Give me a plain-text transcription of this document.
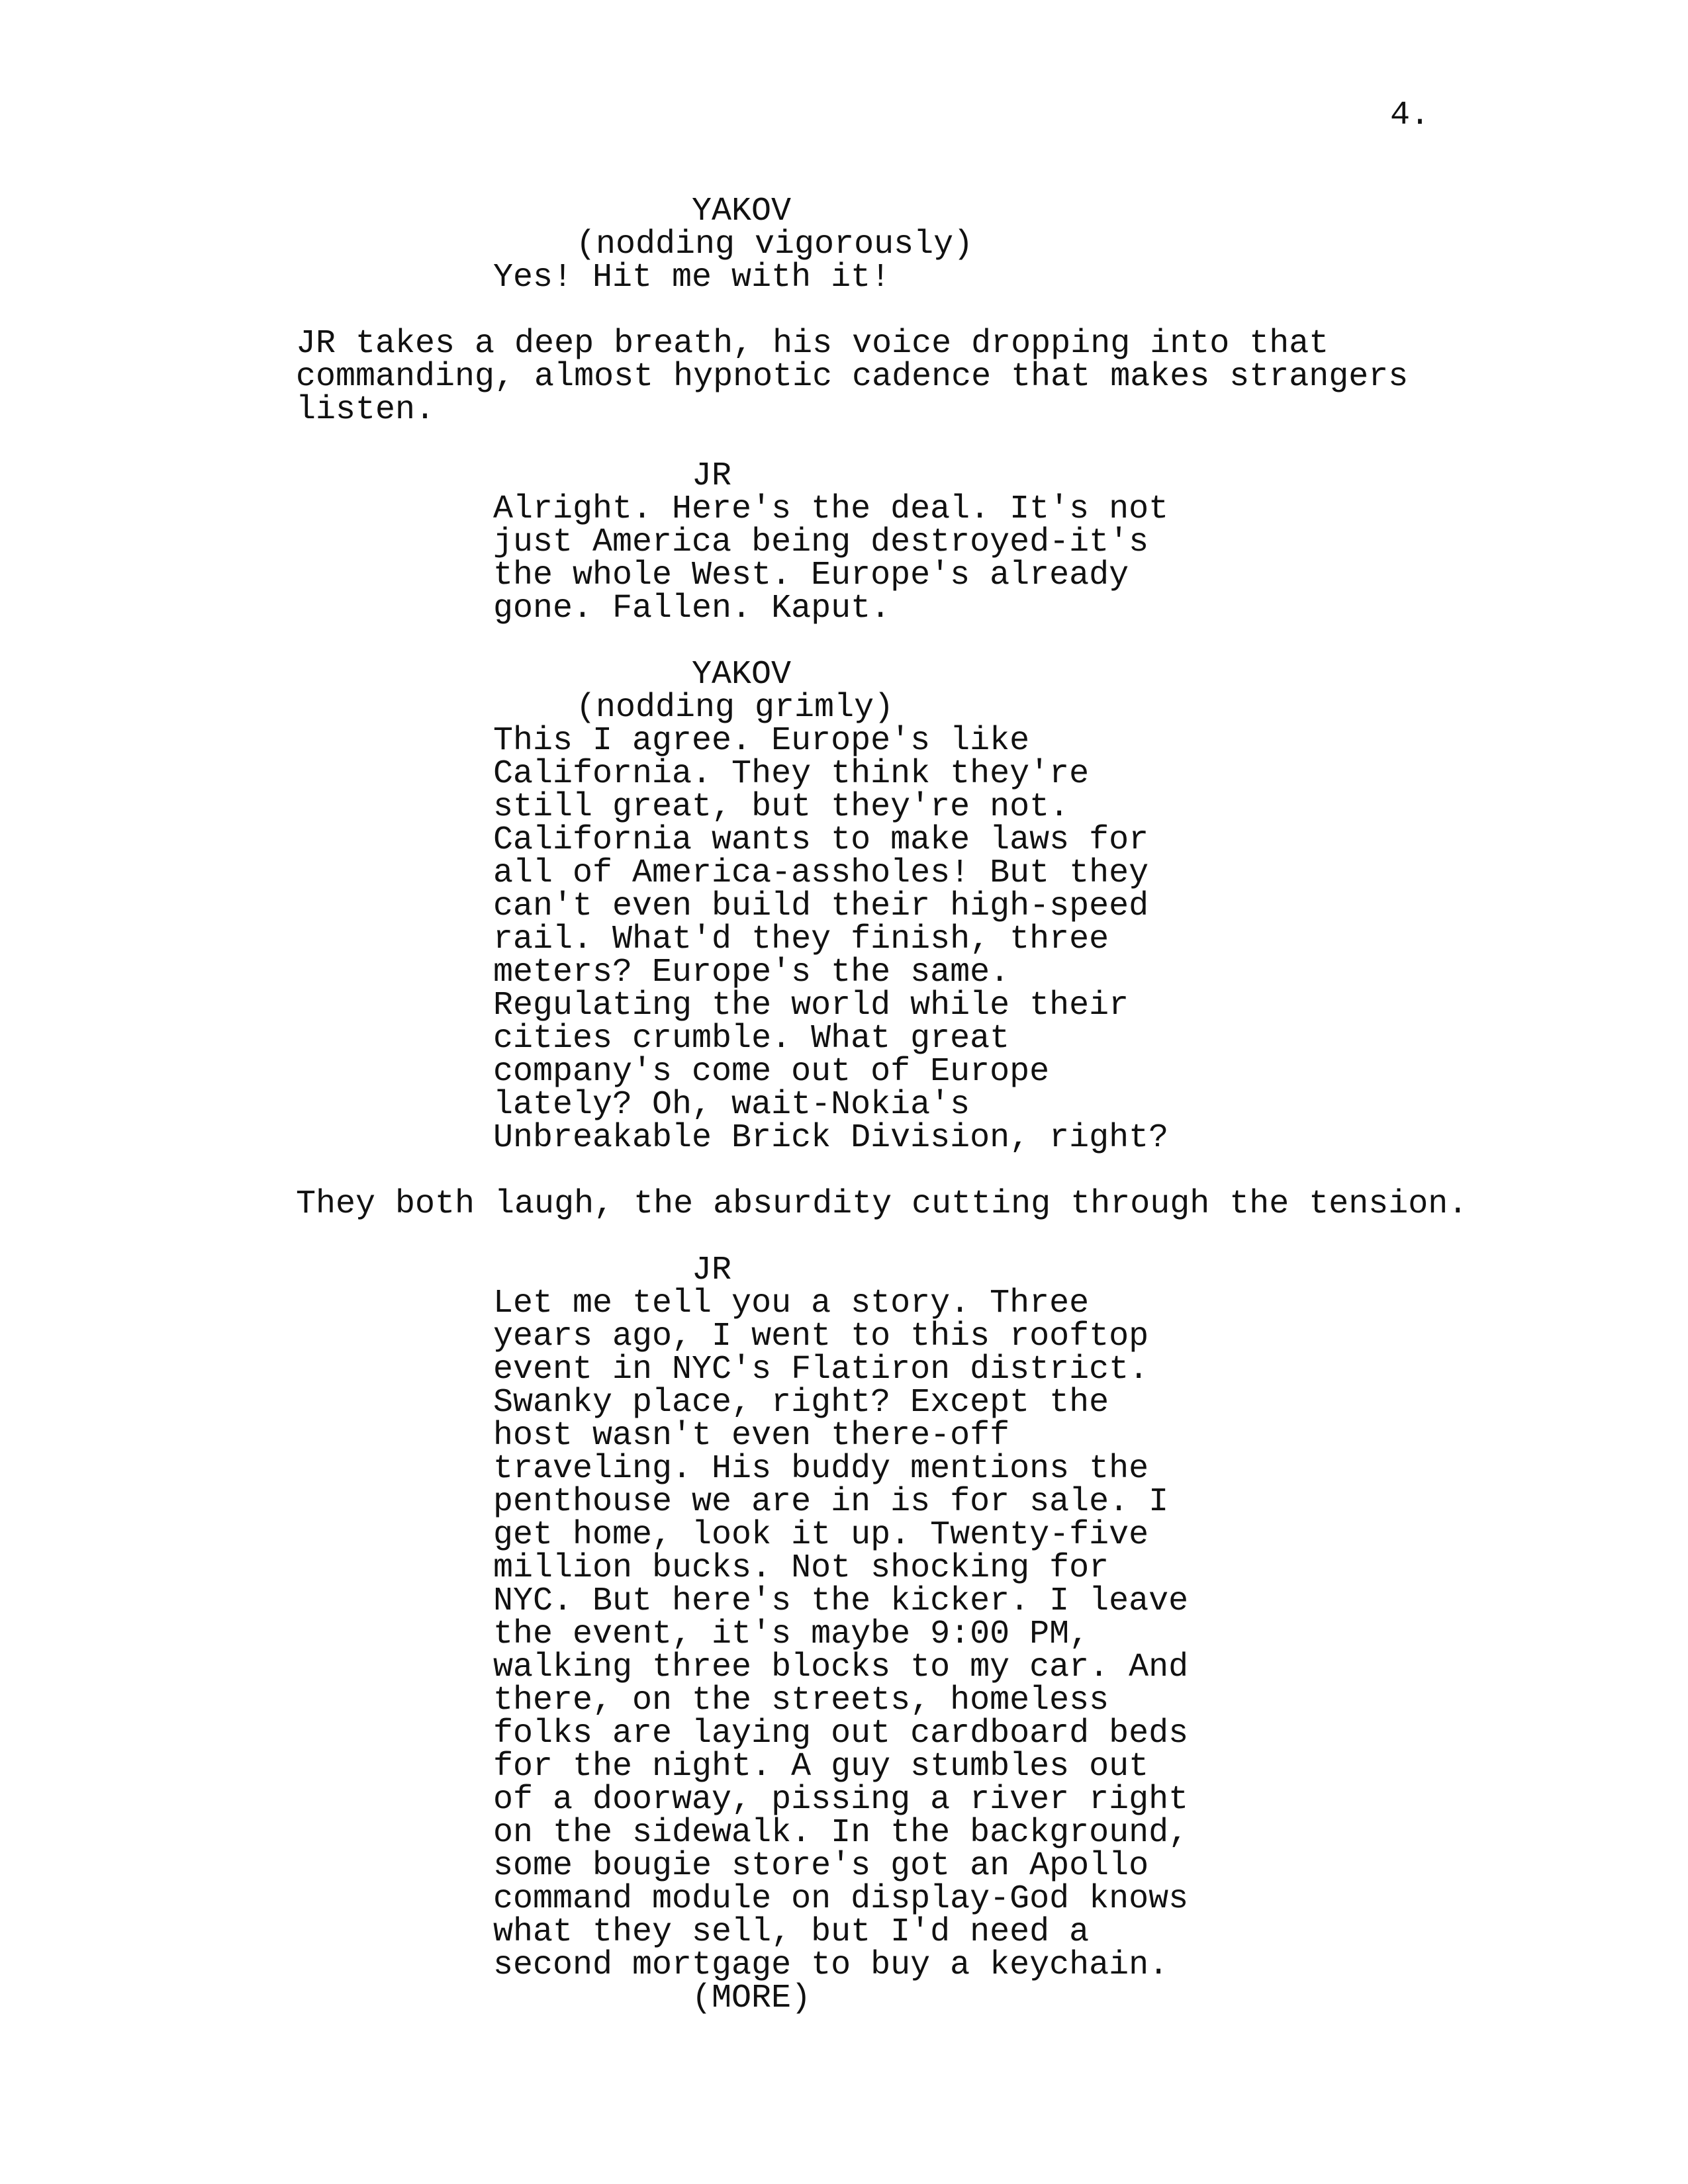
4.
YAKOV
(nodding vigorously)
Yes! Hit me with it!
JR takes a deep breath, his voice dropping into that
commanding, almost hypnotic cadence that makes strangers
listen.
JR
Alright. Here's the deal. It's not
just America being destroyed-it's
the whole West. Europe's already
gone. Fallen. Kaput.
YAKOV
(nodding grimly)
This I agree. Europe's like
California. They think they're
still great, but they're not.
California wants to make laws for
all of America-assholes! But they
can't even build their high-speed
rail. What'd they finish, three
meters? Europe's the same.
Regulating the world while their
cities crumble. What great
company's come out of Europe
lately? Oh, wait-Nokia's
Unbreakable Brick Division, right?
They both laugh, the absurdity cutting through the tension.
JR
Let me tell you a story. Three
years ago, I went to this rooftop
event in NYC's Flatiron district.
Swanky place, right? Except the
host wasn't even there-off
traveling. His buddy mentions the
penthouse we are in is for sale. I
get home, look it up. Twenty-five
million bucks. Not shocking for
NYC. But here's the kicker. I leave
the event, it's maybe 9:00 PM,
walking three blocks to my car. And
there, on the streets, homeless
folks are laying out cardboard beds
for the night. A guy stumbles out
of a doorway, pissing a river right
on the sidewalk. In the background,
some bougie store's got an Apollo
command module on display-God knows
what they sell, but I'd need a
second mortgage to buy a keychain.
(MORE)
